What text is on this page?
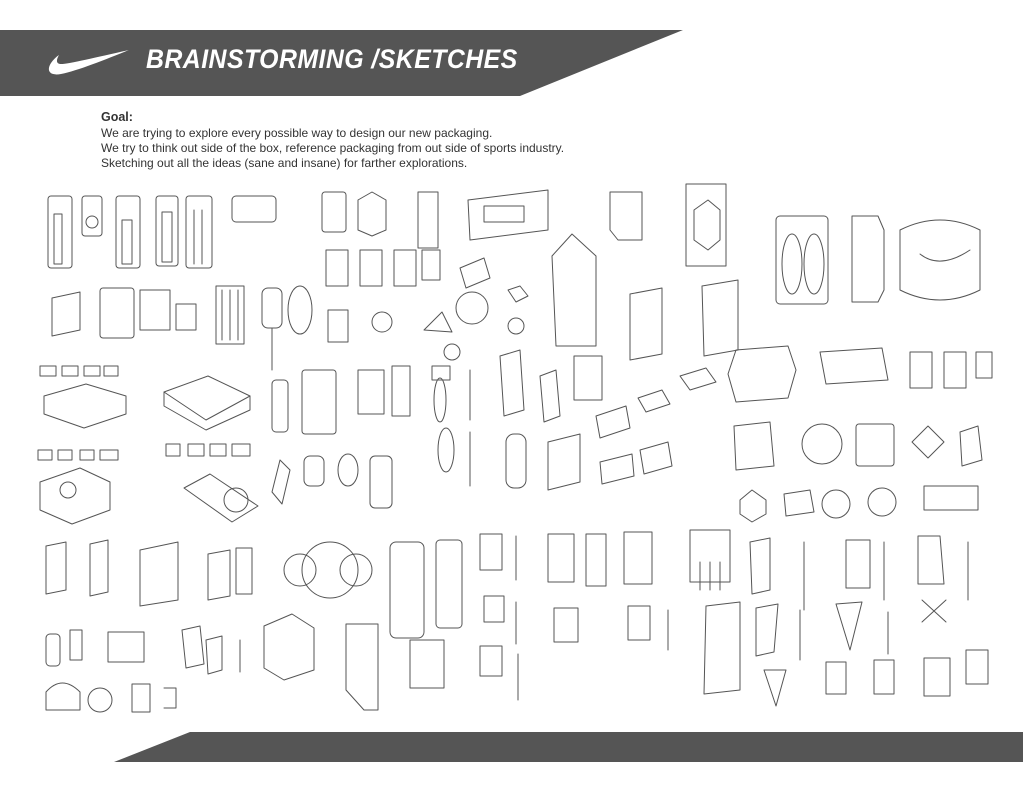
BRAINSTORMING /SKETCHES
Goal:
We are trying to explore every possible way to design our new packaging.
We try to think out side of the box, reference packaging from out side of sports industry.
Sketching out all the ideas (sane and insane) for farther explorations.
